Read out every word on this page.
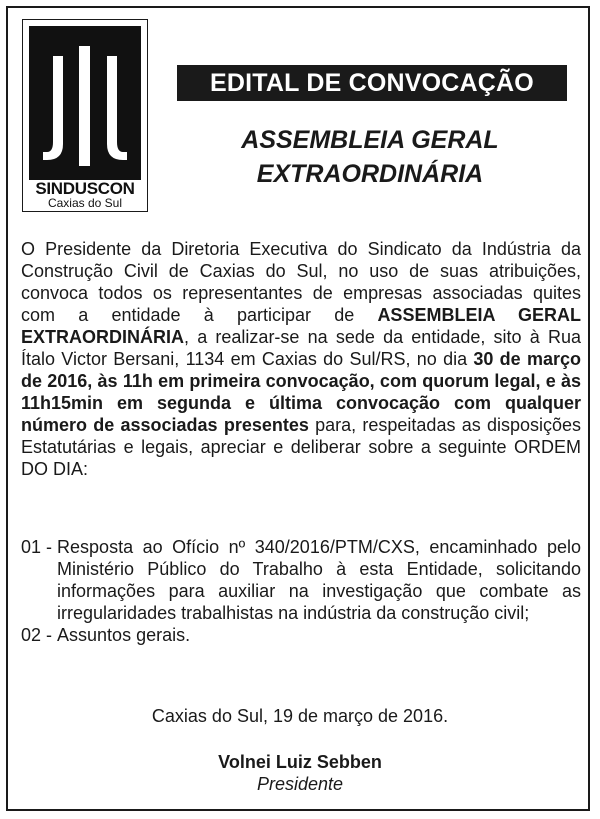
SINDUSCON
Caxias do Sul
EDITAL DE CONVOCAÇÃO
ASSEMBLEIA GERAL
EXTRAORDINÁRIA

O Presidente da Diretoria Executiva do Sindicato da Indústria da Construção Civil de Caxias do Sul, no uso de suas atribuições, convoca todos os representantes de empresas associadas quites com a entidade à participar de ASSEMBLEIA GERAL EXTRAORDINÁRIA, a realizar-se na sede da entidade, sito à Rua Ítalo Victor Bersani, 1134 em Caxias do Sul/RS, no dia 30 de março de 2016, às 11h em primeira convocação, com quorum legal, e às 11h15min em segunda e última convocação com qualquer número de associadas presentes para, respeitadas as disposições Estatutárias e legais, apreciar e deliberar sobre a seguinte ORDEM DO DIA:

01 - Resposta ao Ofício nº 340/2016/PTM/CXS, encaminhado pelo Ministério Público do Trabalho à esta Entidade, solicitando informações para auxiliar na investigação que combate as irregularidades trabalhistas na indústria da construção civil;
02 - Assuntos gerais.
Caxias do Sul, 19 de março de 2016.
Volnei Luiz Sebben
Presidente
